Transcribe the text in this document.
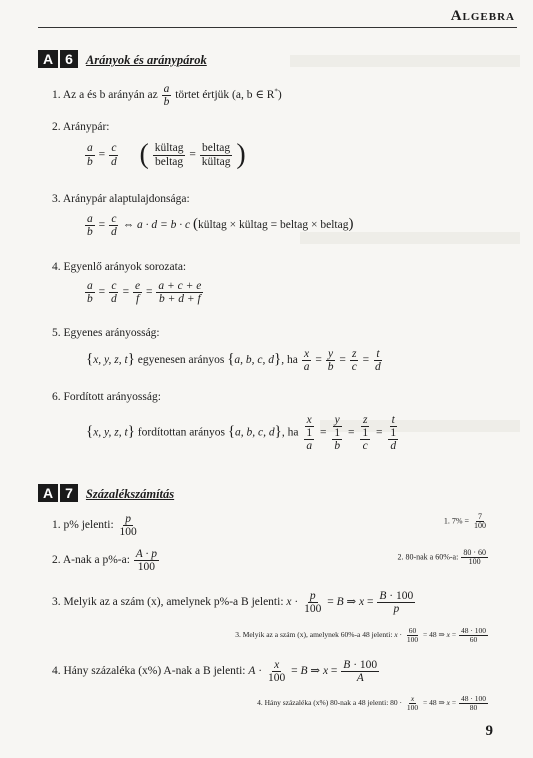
Algebra
A 6 Arányok és aránypárok
1. Az a és b arányán az $\frac{a}{b}$ törtet értjük (a, b ∈ R*)
2. Aránypár:
$\frac{a}{b} = \frac{c}{d}$ ( $\frac{\text{kültag}}{\text{beltag}} = \frac{\text{beltag}}{\text{kültag}}$ )
3. Aránypár alaptulajdonsága:
$\frac{a}{b} = \frac{c}{d}$ ⇔ a · d = b · c (kültag × kültag = beltag × beltag)
4. Egyenlő arányok sorozata:
$\frac{a}{b} = \frac{c}{d} = \frac{e}{f} = \frac{a + c + e}{b + d + f}$
5. Egyenes arányosság:
{x, y, z, t} egyenesen arányos {a, b, c, d}, ha $\frac{x}{a} = \frac{y}{b} = \frac{z}{c} = \frac{t}{d}$
6. Fordított arányosság:
{x, y, z, t} fordítottan arányos {a, b, c, d}, ha $\frac{x}{\frac{1}{a}} = \frac{y}{\frac{1}{b}} = \frac{z}{\frac{1}{c}} = \frac{t}{\frac{1}{d}}$
A 7 Százalékszámítás
1. p% jelenti: $\frac{p}{100}$	1. $7\% = \frac{7}{100}$
2. A-nak a p%-a: $\frac{A \cdot p}{100}$	2. 80-nak a 60%-a: $\frac{80 \cdot 60}{100}$
3. Melyik az a szám (x), amelynek p%-a B jelenti: $x \cdot \frac{p}{100} = B$ ⇒ $x = \frac{B \cdot 100}{p}$
3. Melyik az a szám (x), amelynek 60%-a 48 jelenti: $x \cdot \frac{60}{100} = 48$ ⇒ $x = \frac{48 \cdot 100}{60}$
4. Hány százaléka (x%) A-nak a B jelenti: $A \cdot \frac{x}{100} = B$ ⇒ $x = \frac{B \cdot 100}{A}$
4. Hány százaléka (x%) 80-nak a 48 jelenti: $80 \cdot \frac{x}{100} = 48$ ⇒ $x = \frac{48 \cdot 100}{80}$
9
